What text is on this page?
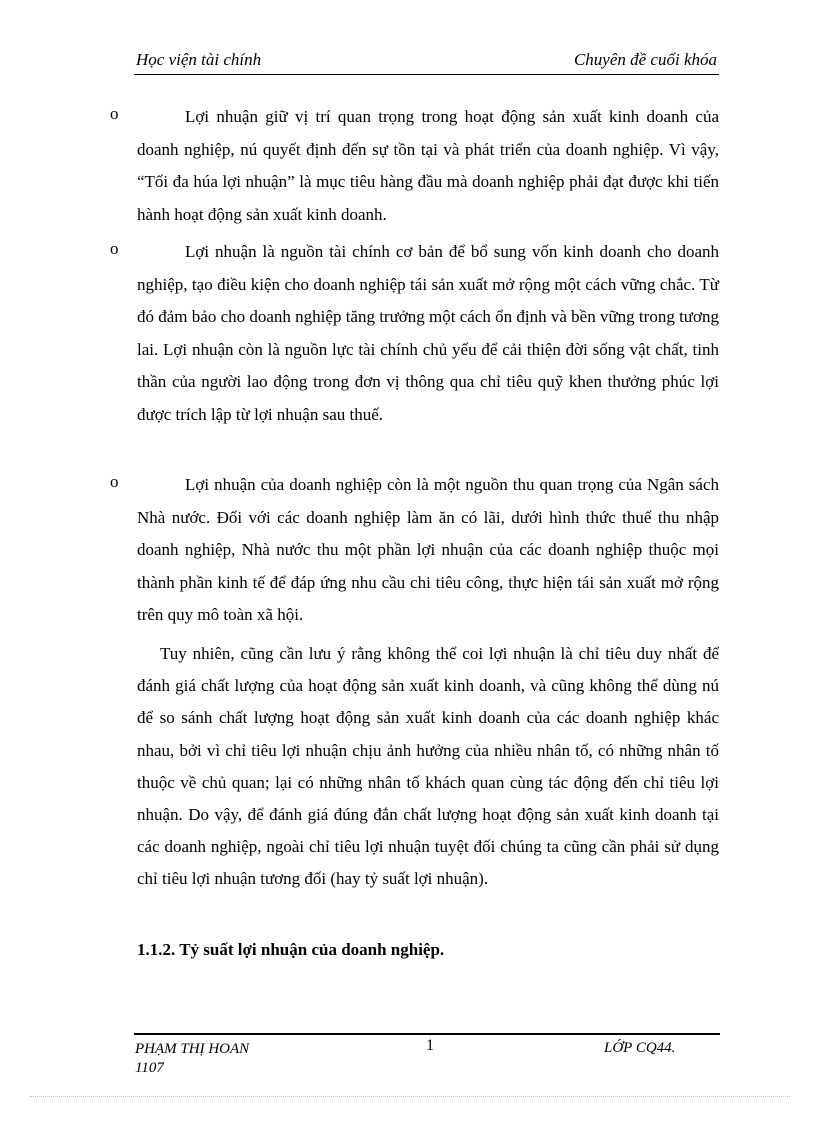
Học viện tài chính	Chuyên đề cuối khóa
o	Lợi nhuận giữ vị trí quan trọng trong hoạt động sản xuất kinh doanh của doanh nghiệp, nú quyết định đến sự tồn tại và phát triển của doanh nghiệp. Vì vậy, “Tối đa húa lợi nhuận” là mục tiêu hàng đầu mà doanh nghiệp phải đạt được khi tiến hành hoạt động sản xuất kinh doanh.

o	Lợi nhuận là nguồn tài chính cơ bản để bổ sung vốn kinh doanh cho doanh nghiệp, tạo điều kiện cho doanh nghiệp tái sản xuất mở rộng một cách vững chắc. Từ đó đảm bảo cho doanh nghiệp tăng trưởng một cách ổn định và bền vững trong tương lai. Lợi nhuận còn là nguồn lực tài chính chủ yếu để cải thiện đời sống vật chất, tinh thần của người lao động trong đơn vị thông qua chỉ tiêu quỹ khen thưởng phúc lợi được trích lập từ lợi nhuận sau thuế.

o	Lợi nhuận của doanh nghiệp còn là một nguồn thu quan trọng của Ngân sách Nhà nước. Đối với các doanh nghiệp làm ăn có lãi, dưới hình thức thuế thu nhập doanh nghiệp, Nhà nước thu một phần lợi nhuận của các doanh nghiệp thuộc mọi thành phần kinh tế để đáp ứng nhu cầu chi tiêu công, thực hiện tái sản xuất mở rộng trên quy mô toàn xã hội.

Tuy nhiên, cũng cần lưu ý rằng không thể coi lợi nhuận là chỉ tiêu duy nhất để đánh giá chất lượng của hoạt động sản xuất kinh doanh, và cũng không thể dùng nú để so sánh chất lượng hoạt động sản xuất kinh doanh của các doanh nghiệp khác nhau, bởi vì chỉ tiêu lợi nhuận chịu ảnh hưởng của nhiều nhân tố, có những nhân tố thuộc về chủ quan; lại có những nhân tố khách quan cùng tác động đến chỉ tiêu lợi nhuận. Do vậy, để đánh giá đúng đắn chất lượng hoạt động sản xuất kinh doanh tại các doanh nghiệp, ngoài chỉ tiêu lợi nhuận tuyệt đối chúng ta cũng cần phải sử dụng chỉ tiêu lợi nhuận tương đối (hay tỷ suất lợi nhuận).

1.1.2. Tỷ suất lợi nhuận của doanh nghiệp.

PHẠM THỊ HOAN
1107
1	LỚP CQ44.
